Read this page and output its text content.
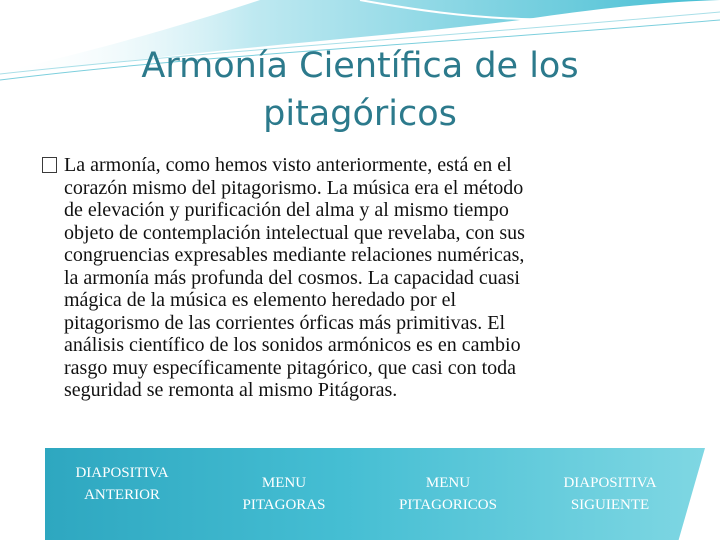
Armonía Científica de los
pitagóricos
La armonía, como hemos visto anteriormente, está en el
corazón mismo del pitagorismo. La música era el método
de elevación y purificación del alma y al mismo tiempo
objeto de contemplación intelectual que revelaba, con sus
congruencias expresables mediante relaciones numéricas,
la armonía más profunda del cosmos. La capacidad cuasi
mágica de la música es elemento heredado por el
pitagorismo de las corrientes órficas más primitivas. El
análisis científico de los sonidos armónicos es en cambio
rasgo muy específicamente pitagórico, que casi con toda
seguridad se remonta al mismo Pitágoras.
DIAPOSITIVA
ANTERIOR
MENU
PITAGORAS
MENU
PITAGORICOS
DIAPOSITIVA
SIGUIENTE
